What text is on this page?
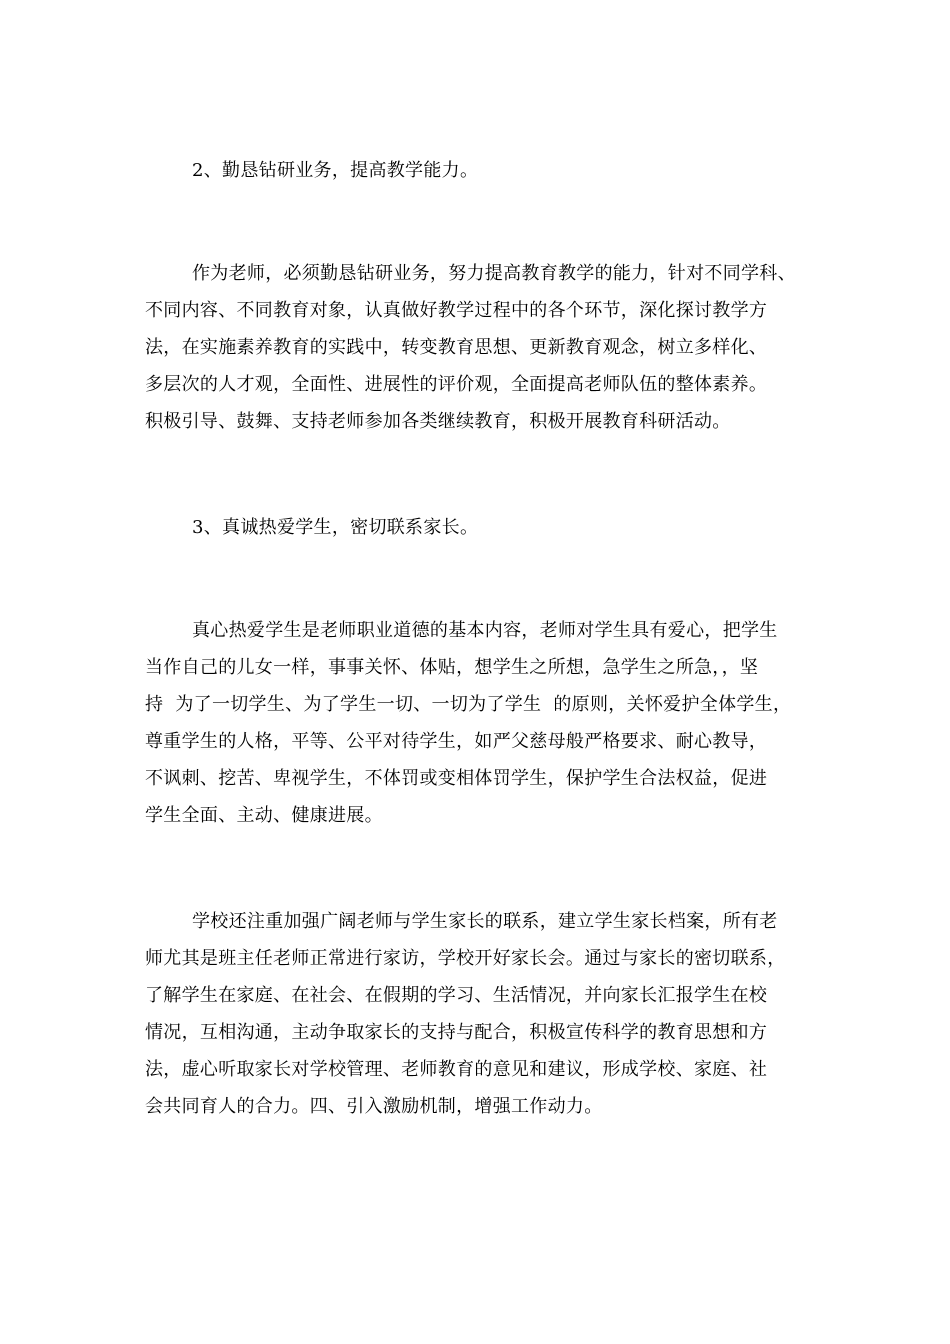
2、勤恳钻研业务，提高教学能力。
作为老师，必须勤恳钻研业务，努力提高教育教学的能力，针对不同学科、
不同内容、不同教育对象，认真做好教学过程中的各个环节，深化探讨教学方
法，在实施素养教育的实践中，转变教育思想、更新教育观念，树立多样化、
多层次的人才观，全面性、进展性的评价观，全面提高老师队伍的整体素养。
积极引导、鼓舞、支持老师参加各类继续教育，积极开展教育科研活动。
3、真诚热爱学生，密切联系家长。
真心热爱学生是老师职业道德的基本内容，老师对学生具有爱心，把学生
当作自己的儿女一样，事事关怀、体贴，想学生之所想，急学生之所急，，坚
持  为了一切学生、为了学生一切、一切为了学生  的原则，关怀爱护全体学生，
尊重学生的人格，平等、公平对待学生，如严父慈母般严格要求、耐心教导，
不讽刺、挖苦、卑视学生，不体罚或变相体罚学生，保护学生合法权益，促进
学生全面、主动、健康进展。
学校还注重加强广阔老师与学生家长的联系，建立学生家长档案，所有老
师尤其是班主任老师正常进行家访，学校开好家长会。通过与家长的密切联系，
了解学生在家庭、在社会、在假期的学习、生活情况，并向家长汇报学生在校
情况，互相沟通，主动争取家长的支持与配合，积极宣传科学的教育思想和方
法，虚心听取家长对学校管理、老师教育的意见和建议，形成学校、家庭、社
会共同育人的合力。四、引入激励机制，增强工作动力。
